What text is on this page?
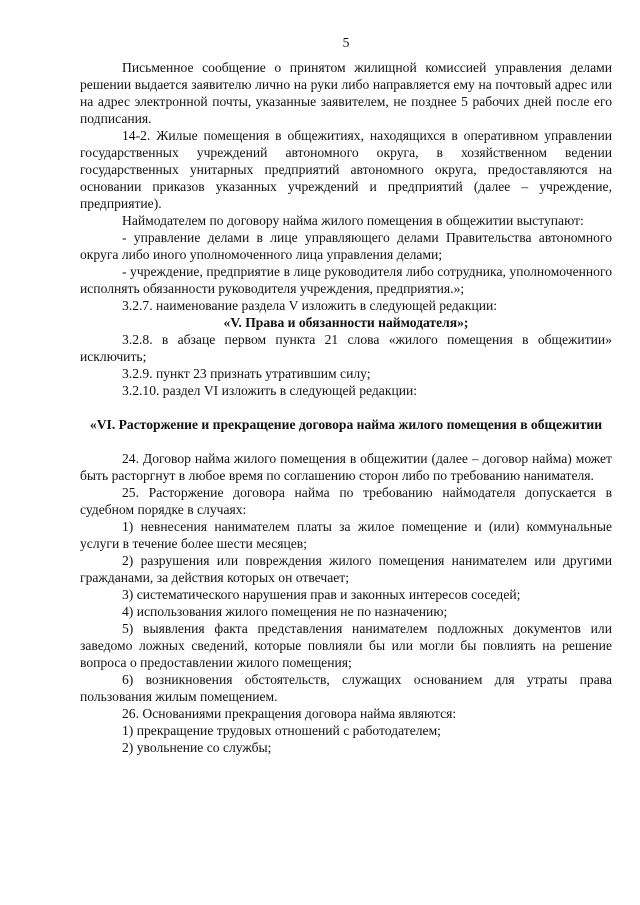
5

Письменное сообщение о принятом жилищной комиссией управления делами решении выдается заявителю лично на руки либо направляется ему на почтовый адрес или на адрес электронной почты, указанные заявителем, не позднее 5 рабочих дней после его подписания.

14-2. Жилые помещения в общежитиях, находящихся в оперативном управлении государственных учреждений автономного округа, в хозяйственном ведении государственных унитарных предприятий автономного округа, предоставляются на основании приказов указанных учреждений и предприятий (далее – учреждение, предприятие).

Наймодателем по договору найма жилого помещения в общежитии выступают:

- управление делами в лице управляющего делами Правительства автономного округа либо иного уполномоченного лица управления делами;

- учреждение, предприятие в лице руководителя либо сотрудника, уполномоченного исполнять обязанности руководителя учреждения, предприятия.»;

3.2.7. наименование раздела V изложить в следующей редакции:

«V. Права и обязанности наймодателя»;

3.2.8. в абзаце первом пункта 21 слова «жилого помещения в общежитии» исключить;

3.2.9. пункт 23 признать утратившим силу;

3.2.10. раздел VI изложить в следующей редакции:

«VI. Расторжение и прекращение договора найма жилого помещения в общежитии

24. Договор найма жилого помещения в общежитии (далее – договор найма) может быть расторгнут в любое время по соглашению сторон либо по требованию нанимателя.

25. Расторжение договора найма по требованию наймодателя допускается в судебном порядке в случаях:

1) невнесения нанимателем платы за жилое помещение и (или) коммунальные услуги в течение более шести месяцев;

2) разрушения или повреждения жилого помещения нанимателем или другими гражданами, за действия которых он отвечает;

3) систематического нарушения прав и законных интересов соседей;

4) использования жилого помещения не по назначению;

5) выявления факта представления нанимателем подложных документов или заведомо ложных сведений, которые повлияли бы или могли бы повлиять на решение вопроса о предоставлении жилого помещения;

6) возникновения обстоятельств, служащих основанием для утраты права пользования жилым помещением.

26. Основаниями прекращения договора найма являются:

1) прекращение трудовых отношений с работодателем;

2) увольнение со службы;
